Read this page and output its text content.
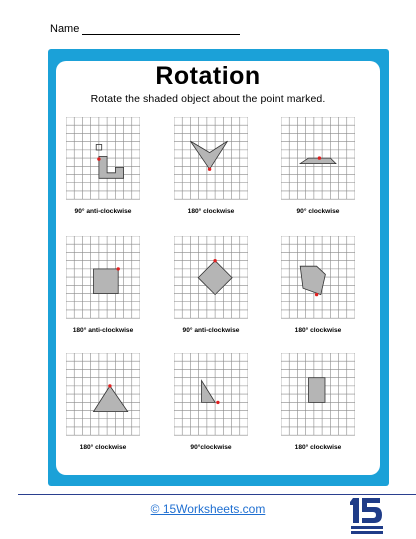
Name
Rotation
Rotate the shaded object about the point marked.
90° anti-clockwise	180° clockwise	90° clockwise
180° anti-clockwise	90° anti-clockwise	180° clockwise
180° clockwise	90°clockwise	180° clockwise
© 15Worksheets.com
